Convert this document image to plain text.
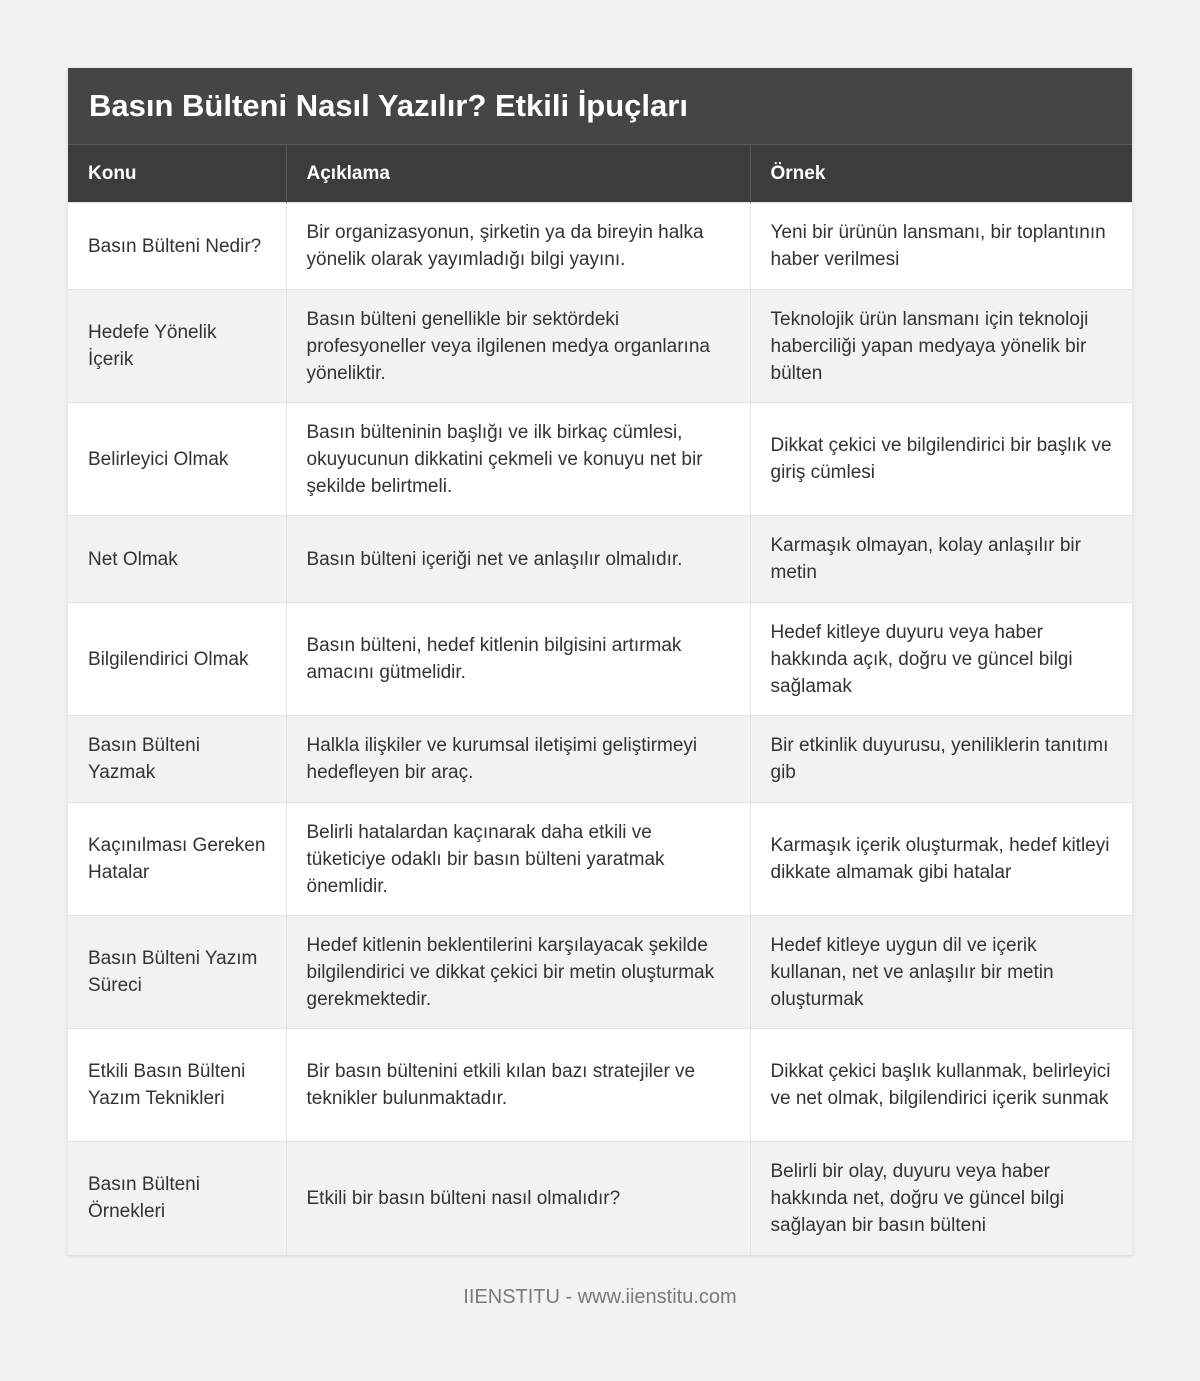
Basın Bülteni Nasıl Yazılır? Etkili İpuçları
Konu	Açıklama	Örnek
Basın Bülteni Nedir?	Bir organizasyonun, şirketin ya da bireyin halka yönelik olarak yayımladığı bilgi yayını.	Yeni bir ürünün lansmanı, bir toplantının haber verilmesi
Hedefe Yönelik İçerik	Basın bülteni genellikle bir sektördeki profesyoneller veya ilgilenen medya organlarına yöneliktir.	Teknolojik ürün lansmanı için teknoloji haberciliği yapan medyaya yönelik bir bülten
Belirleyici Olmak	Basın bülteninin başlığı ve ilk birkaç cümlesi, okuyucunun dikkatini çekmeli ve konuyu net bir şekilde belirtmeli.	Dikkat çekici ve bilgilendirici bir başlık ve giriş cümlesi
Net Olmak	Basın bülteni içeriği net ve anlaşılır olmalıdır.	Karmaşık olmayan, kolay anlaşılır bir metin
Bilgilendirici Olmak	Basın bülteni, hedef kitlenin bilgisini artırmak amacını gütmelidir.	Hedef kitleye duyuru veya haber hakkında açık, doğru ve güncel bilgi sağlamak
Basın Bülteni Yazmak	Halkla ilişkiler ve kurumsal iletişimi geliştirmeyi hedefleyen bir araç.	Bir etkinlik duyurusu, yeniliklerin tanıtımı gib
Kaçınılması Gereken Hatalar	Belirli hatalardan kaçınarak daha etkili ve tüketiciye odaklı bir basın bülteni yaratmak önemlidir.	Karmaşık içerik oluşturmak, hedef kitleyi dikkate almamak gibi hatalar
Basın Bülteni Yazım Süreci	Hedef kitlenin beklentilerini karşılayacak şekilde bilgilendirici ve dikkat çekici bir metin oluşturmak gerekmektedir.	Hedef kitleye uygun dil ve içerik kullanan, net ve anlaşılır bir metin oluşturmak
Etkili Basın Bülteni Yazım Teknikleri	Bir basın bültenini etkili kılan bazı stratejiler ve teknikler bulunmaktadır.	Dikkat çekici başlık kullanmak, belirleyici ve net olmak, bilgilendirici içerik sunmak
Basın Bülteni Örnekleri	Etkili bir basın bülteni nasıl olmalıdır?	Belirli bir olay, duyuru veya haber hakkında net, doğru ve güncel bilgi sağlayan bir basın bülteni
IIENSTITU - www.iienstitu.com
